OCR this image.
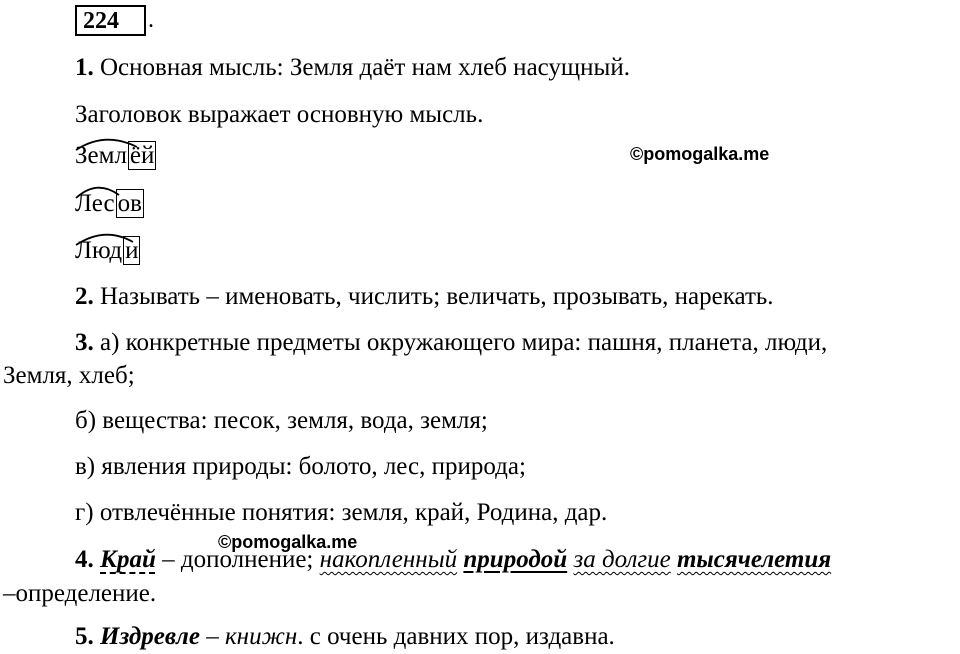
224	.
1. Основная мысль: Земля даёт нам хлеб насущный.
Заголовок выражает основную мысль.
©pomogalka.me
Земл ёй
Лес ов
Люд и
2. Называть – именовать, числить; величать, прозывать, нарекать.
3. а) конкретные предметы окружающего мира: пашня, планета, люди,
Земля, хлеб;
б) вещества: песок, земля, вода, земля;
в) явления природы: болото, лес, природа;
г) отвлечённые понятия: земля, край, Родина, дар.
©pomogalka.me
4. Край – дополнение; накопленный природой за долгие тысячелетия
–определение.
5. Издревле – книжн. с очень давних пор, издавна.
